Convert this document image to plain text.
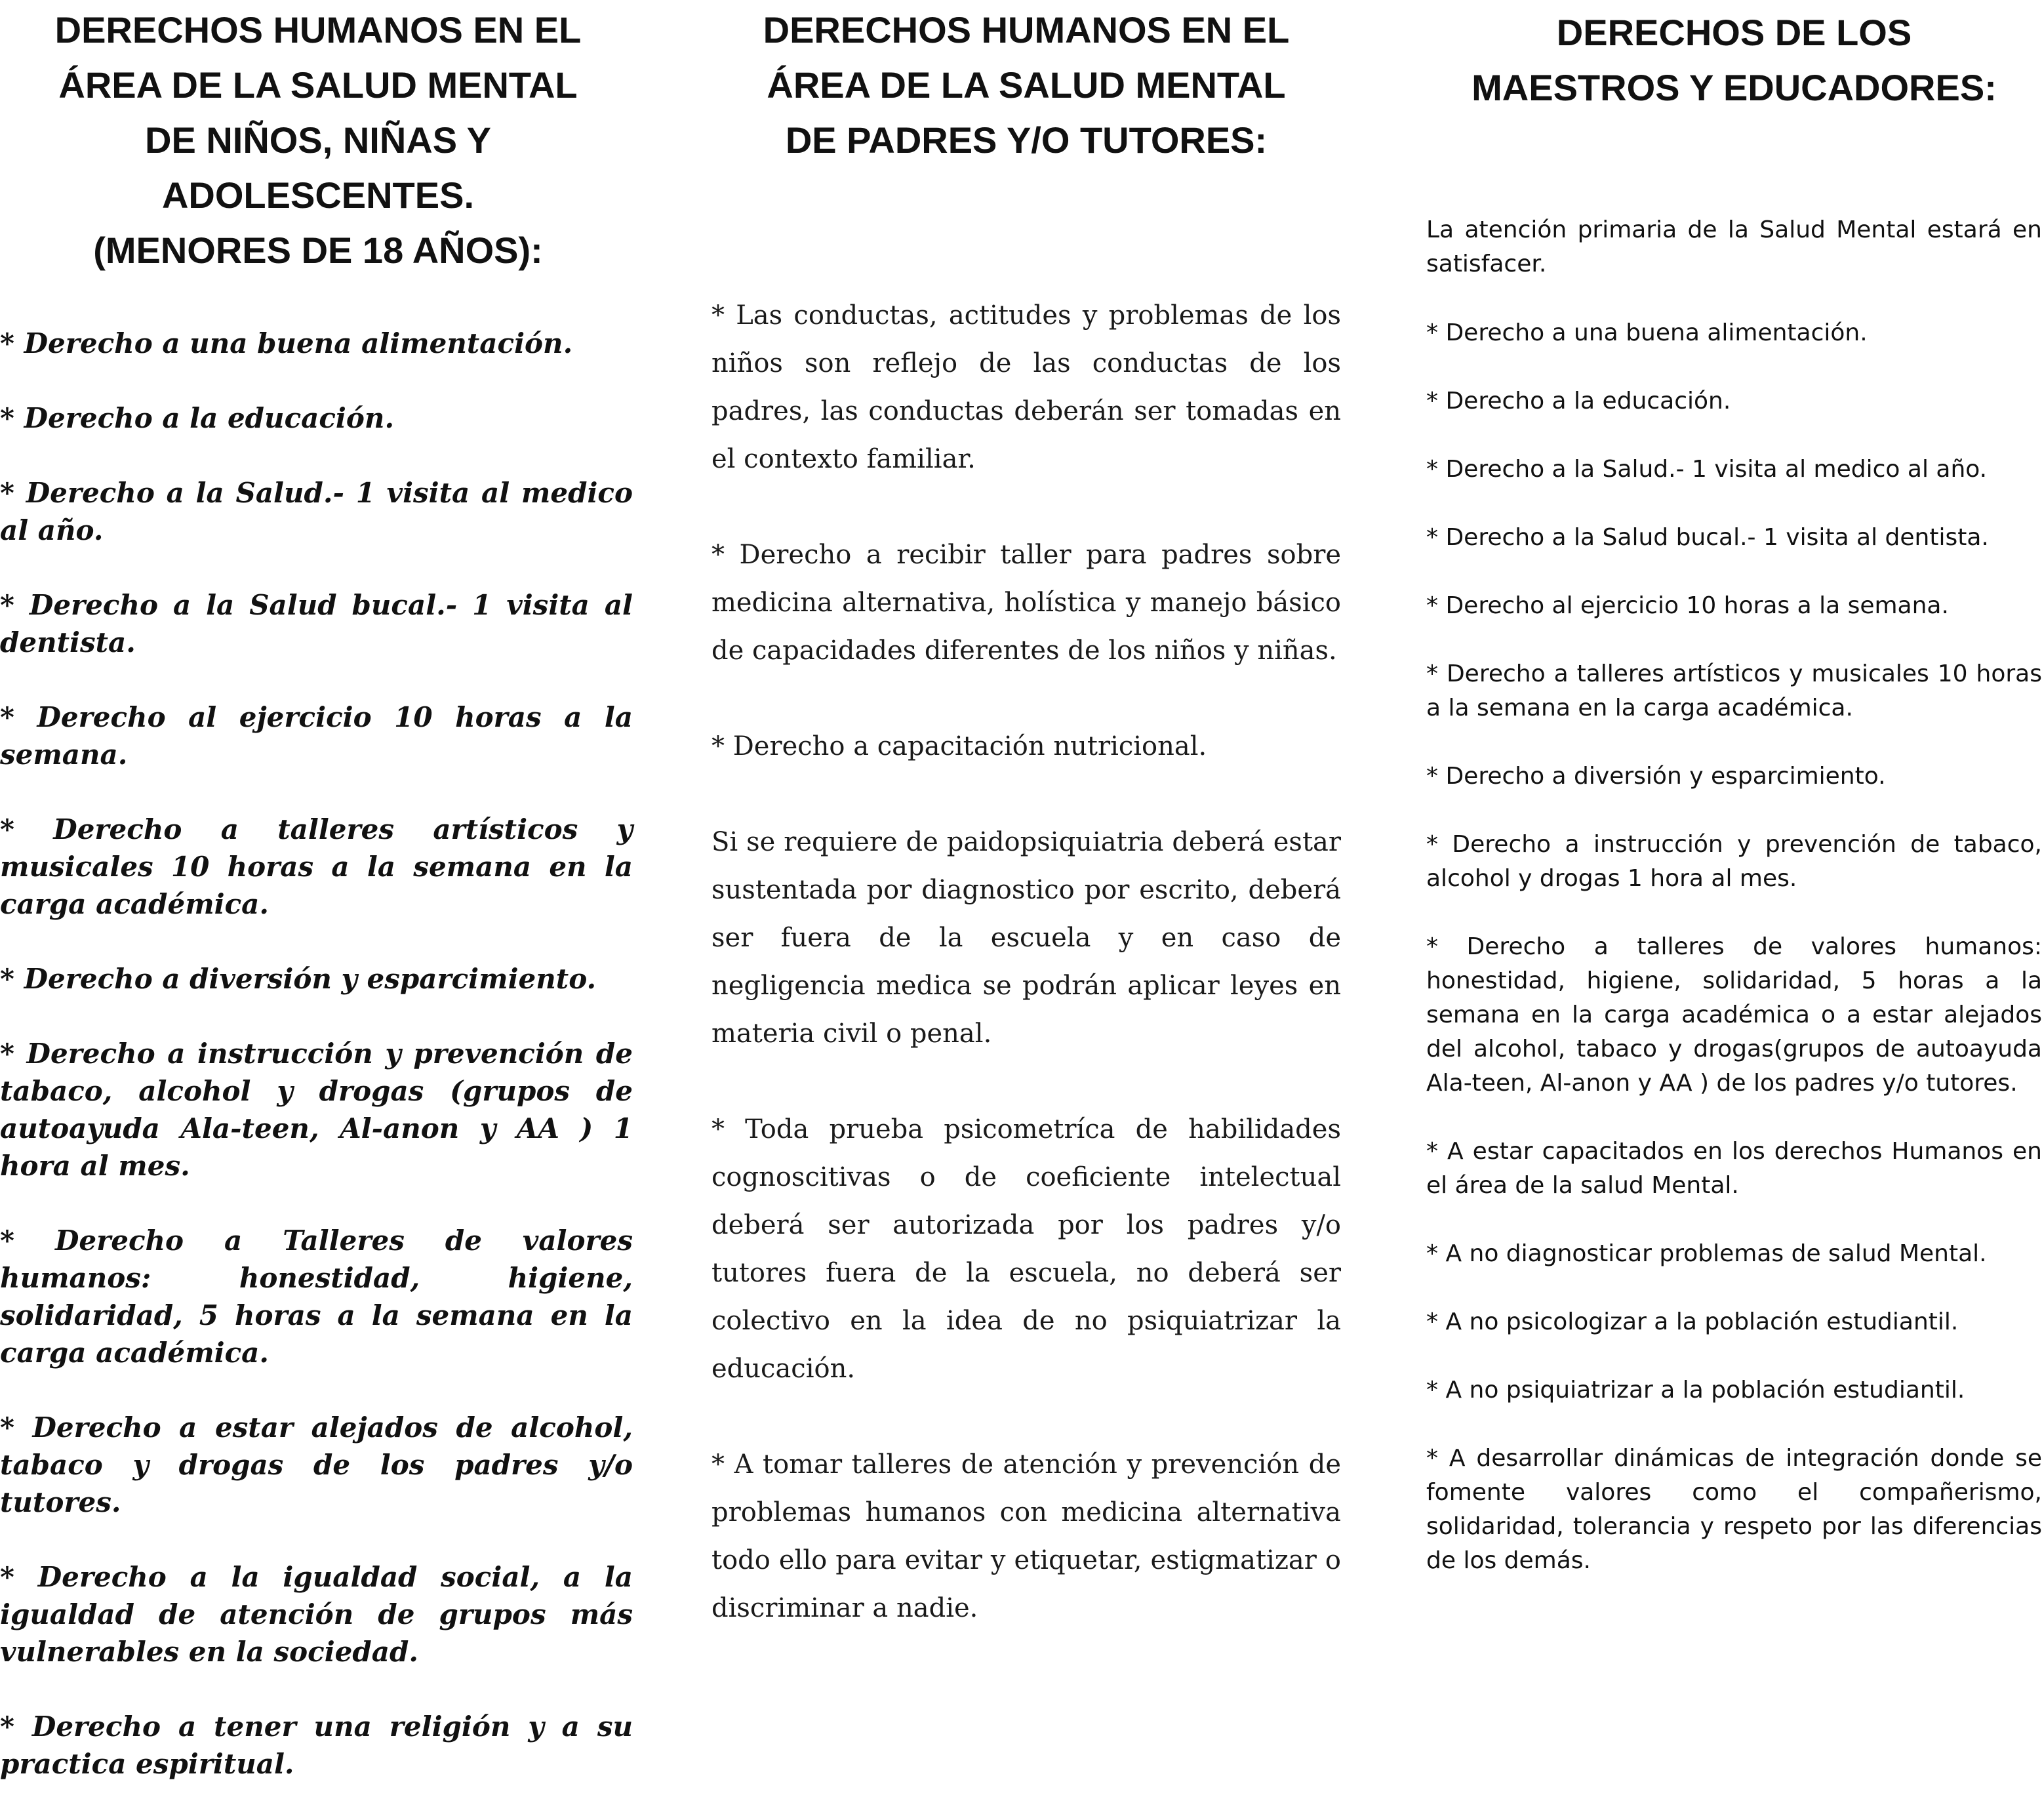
DERECHOS HUMANOS EN EL
ÁREA DE LA SALUD MENTAL
DE NIÑOS, NIÑAS Y
ADOLESCENTES.
(MENORES DE 18 AÑOS):
* Derecho a una buena alimentación.
* Derecho a la educación.
* Derecho a la Salud.- 1 visita al medico al año.
* Derecho a la Salud bucal.- 1 visita al dentista.
* Derecho al ejercicio 10 horas a la semana.
* Derecho a talleres artísticos y musicales 10 horas a la semana en la carga académica.
* Derecho a diversión y esparcimiento.
* Derecho a instrucción y prevención de tabaco, alcohol y drogas (grupos de autoayuda Ala-teen, Al-anon y AA ) 1 hora al mes.
* Derecho a Talleres de valores humanos: honestidad, higiene, solidaridad, 5 horas a la semana en la carga académica.
* Derecho a estar alejados de alcohol, tabaco y drogas de los padres y/o tutores.
* Derecho a la igualdad social, a la igualdad de atención de grupos más vulnerables en la sociedad.
* Derecho a tener una religión y a su practica espiritual.
DERECHOS HUMANOS EN EL
ÁREA DE LA SALUD MENTAL
DE PADRES Y/O TUTORES:
* Las conductas, actitudes y problemas de los niños son reflejo de las conductas de los padres, las conductas deberán ser tomadas en el contexto familiar.
* Derecho a recibir taller para padres sobre medicina alternativa, holística y manejo básico de capacidades diferentes de los niños y niñas.
* Derecho a capacitación nutricional.
Si se requiere de paidopsiquiatria deberá estar sustentada por diagnostico por escrito, deberá ser fuera de la escuela y en caso de negligencia medica se podrán aplicar leyes en materia civil o penal.
* Toda prueba psicometríca de habilidades cognoscitivas o de coeficiente intelectual deberá ser autorizada por los padres y/o tutores fuera de la escuela, no deberá ser colectivo en la idea de no psiquiatrizar la educación.
* A tomar talleres de atención y prevención de problemas humanos con medicina alternativa todo ello para evitar y etiquetar, estigmatizar o discriminar a nadie.
DERECHOS DE LOS
MAESTROS Y EDUCADORES:

La atención primaria de la Salud Mental estará en satisfacer.

* Derecho a una buena alimentación.
* Derecho a la educación.
* Derecho a la Salud.- 1 visita al medico al año.
* Derecho a la Salud bucal.- 1 visita al dentista.
* Derecho al ejercicio 10 horas a la semana.
* Derecho a talleres artísticos y musicales 10 horas a la semana en la carga académica.
* Derecho a diversión y esparcimiento.
* Derecho a instrucción y prevención de tabaco, alcohol y drogas 1 hora al mes.
* Derecho a talleres de valores humanos: honestidad, higiene, solidaridad, 5 horas a la semana en la carga académica o a estar alejados del alcohol, tabaco y drogas(grupos de autoayuda Ala-teen, Al-anon y AA ) de los padres y/o tutores.
* A estar capacitados en los derechos Humanos en el área de la salud Mental.
* A no diagnosticar problemas de salud Mental.
* A no psicologizar a la población estudiantil.
* A no psiquiatrizar a la población estudiantil.
* A desarrollar dinámicas de integración donde se fomente valores como el compañerismo, solidaridad, tolerancia y respeto por las diferencias de los demás.
